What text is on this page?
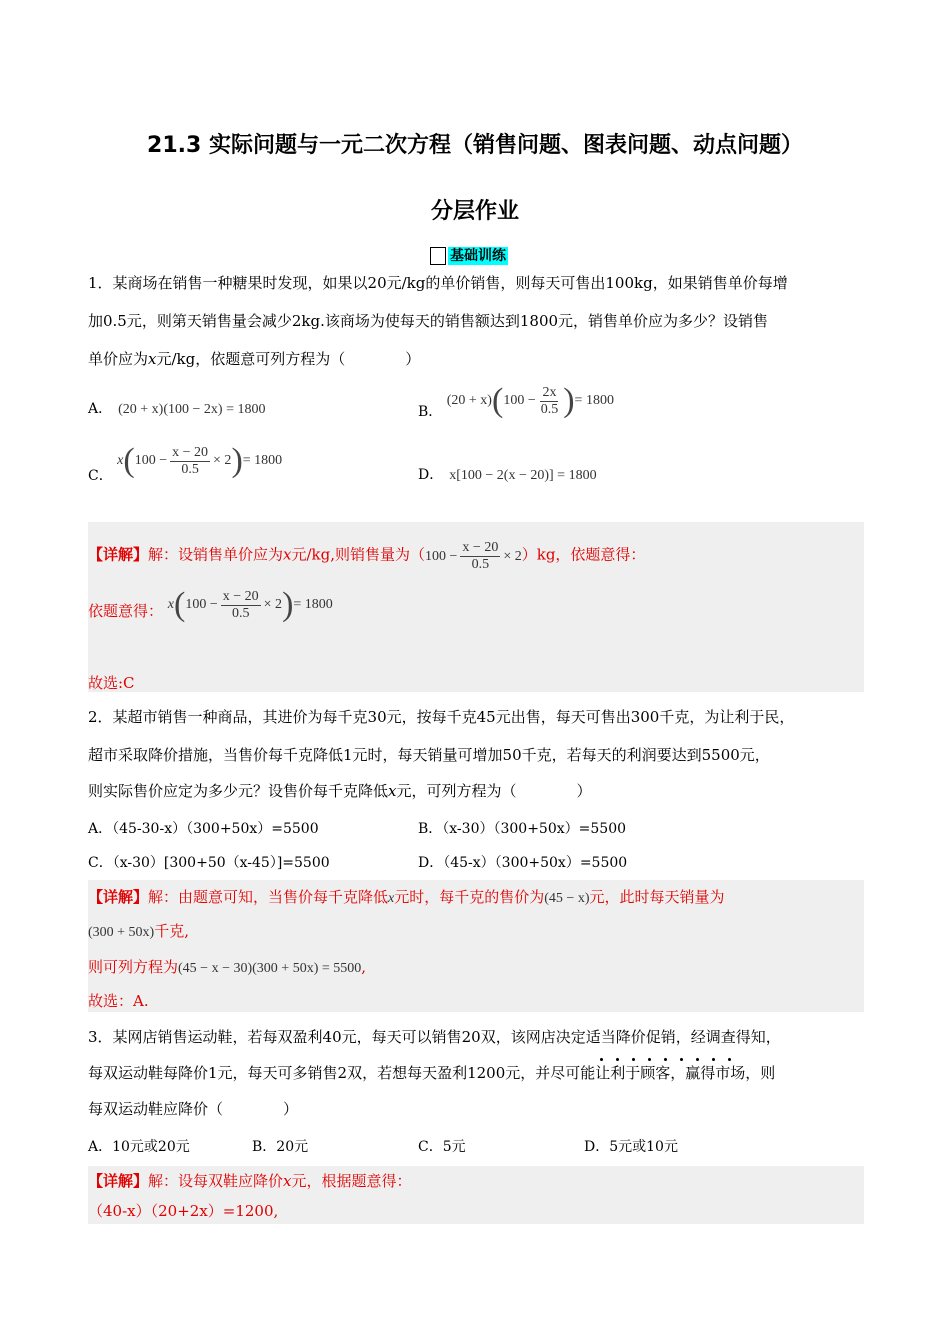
21.3 实际问题与一元二次方程（销售问题、图表问题、动点问题）
分层作业
基础训练
1．某商场在销售一种糖果时发现，如果以20元/kg的单价销售，则每天可售出100kg，如果销售单价每增
加0.5元，则第天销售量会减少2kg.该商场为使每天的销售额达到1800元，销售单价应为多少？设销售
单价应为x元/kg，依题意可列方程为（　　　　）
A． (20 + x)(100 − 2x) = 1800	B． $(20 + x)(100 - \frac{2x}{0.5}$ )= 1800
C． $x(100 - \frac{x - 20}{0.5} \times 2)= 1800$
D． x[100 − 2(x − 20)] = 1800
【详解】解：设销售单价应为x元/kg,则销售量为$(100 - \frac{x - 20}{0.5} \times 2)kg$，依题意得：
依题意得： $x(100 - \frac{x - 20}{0.5} \times 2)= 1800$
故选:C
2．某超市销售一种商品，其进价为每千克30元，按每千克45元出售，每天可售出300千克，为让利于民，
超市采取降价措施，当售价每千克降低1元时，每天销量可增加50千克，若每天的利润要达到5500元，
则实际售价应定为多少元？设售价每千克降低x元，可列方程为（　　　　）
A．（45-30-x）（300+50x）=5500	B．（x-30）（300+50x）=5500
C．（x-30）[300+50（x-45）]=5500	D．（45-x）（300+50x）=5500
【详解】解：由题意可知，当售价每千克降低x元时，每千克的售价为(45 − x)元，此时每天销量为
(300 + 50x)千克,
则可列方程为(45 − x − 30)(300 + 50x) = 5500,
故选：A.
3．某网店销售运动鞋，若每双盈利40元，每天可以销售20双，该网店决定适当降价促销，经调查得知，
每双运动鞋每降价1元，每天可多销售2双，若想每天盈利1200元，并尽可能让利于顾客，赢得市场，则
每双运动鞋应降价（　　　　）
A．10元或20元	B．20元	C．5元	D．5元或10元
【详解】解：设每双鞋应降价x元，根据题意得：
（40-x）（20+2x）=1200,
